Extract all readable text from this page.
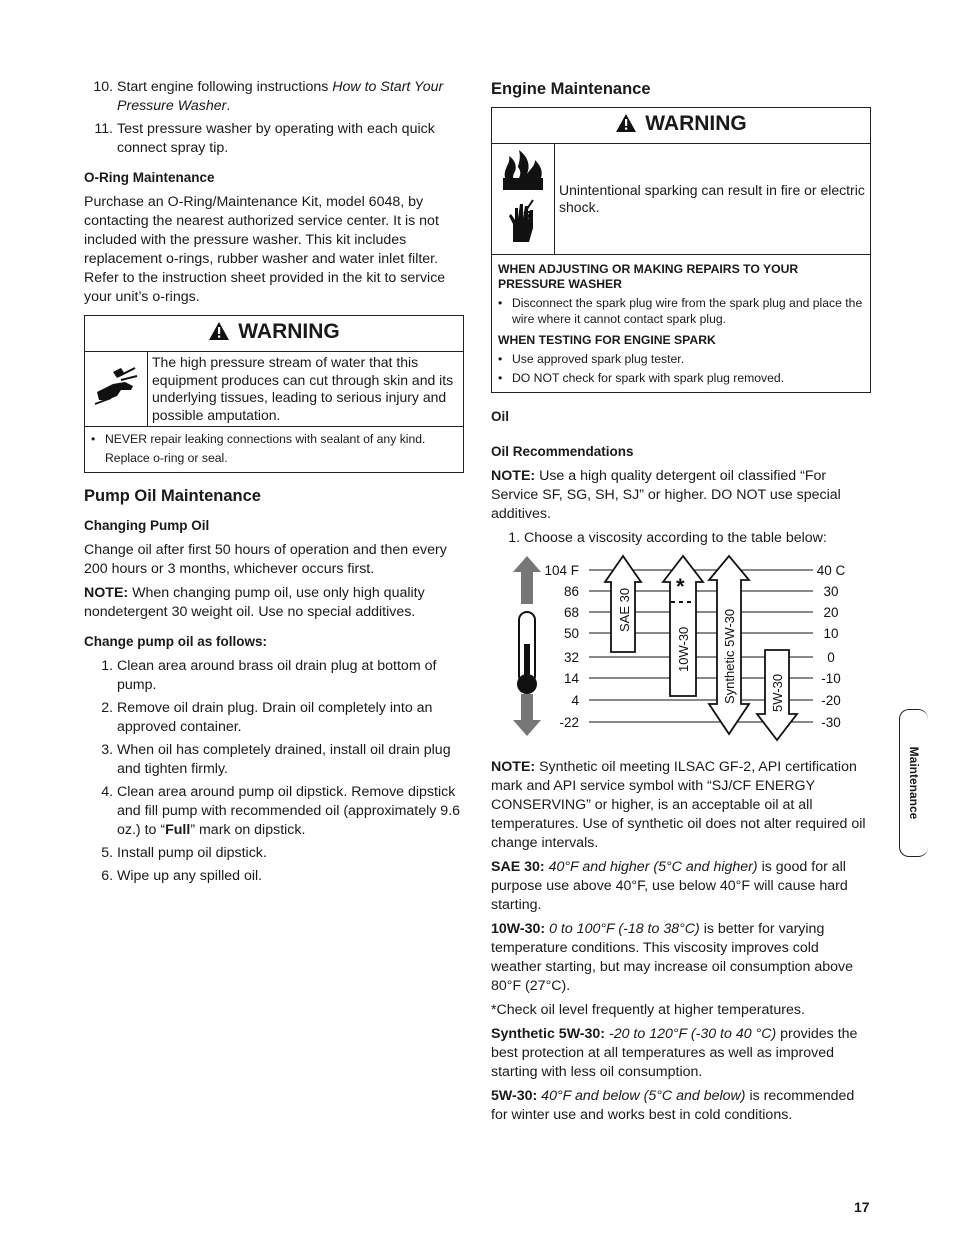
10. Start engine following instructions How to Start Your Pressure Washer.
11. Test pressure washer by operating with each quick connect spray tip.
O-Ring Maintenance

Purchase an O-Ring/Maintenance Kit, model 6048, by contacting the nearest authorized service center. It is not included with the pressure washer. This kit includes replacement o-rings, rubber washer and water inlet filter. Refer to the instruction sheet provided in the kit to service your unit’s o-rings.

WARNING
The high pressure stream of water that this equipment produces can cut through skin and its underlying tissues, leading to serious injury and possible amputation.
• NEVER repair leaking connections with sealant of any kind. Replace o-ring or seal.
Pump Oil Maintenance
Changing Pump Oil

Change oil after first 50 hours of operation and then every 200 hours or 3 months, whichever occurs first.

NOTE: When changing pump oil, use only high quality nondetergent 30 weight oil. Use no special additives.

Change pump oil as follows:
1. Clean area around brass oil drain plug at bottom of pump.
2. Remove oil drain plug. Drain oil completely into an approved container.
3. When oil has completely drained, install oil drain plug and tighten firmly.
4. Clean area around pump oil dipstick. Remove dipstick and fill pump with recommended oil (approximately 9.6 oz.) to “Full” mark on dipstick.
5. Install pump oil dipstick.
6. Wipe up any spilled oil.
Engine Maintenance
WARNING
Unintentional sparking can result in fire or electric shock.
WHEN ADJUSTING OR MAKING REPAIRS TO YOUR PRESSURE WASHER
• Disconnect the spark plug wire from the spark plug and place the wire where it cannot contact spark plug.
WHEN TESTING FOR ENGINE SPARK
• Use approved spark plug tester.
• DO NOT check for spark with spark plug removed.
Oil
Oil Recommendations

NOTE: Use a high quality detergent oil classified “For Service SF, SG, SH, SJ” or higher. DO NOT use special additives.

1. Choose a viscosity according to the table below:
104 F
86
68
50
32
14
4
-22
40 C
30
20
10
0
-10
-20
-30
SAE 30
*
10W-30 Synthetic 5W-30	5W-30

NOTE: Synthetic oil meeting ILSAC GF-2, API certification mark and API service symbol with “SJ/CF ENERGY CONSERVING” or higher, is an acceptable oil at all temperatures. Use of synthetic oil does not alter required oil change intervals.

SAE 30: 40°F and higher (5°C and higher) is good for all purpose use above 40°F, use below 40°F will cause hard starting.

10W-30: 0 to 100°F (-18 to 38°C) is better for varying temperature conditions. This viscosity improves cold weather starting, but may increase oil consumption above 80°F (27°C).

*Check oil level frequently at higher temperatures.

Synthetic 5W-30: -20 to 120°F (-30 to 40 °C) provides the best protection at all temperatures as well as improved starting with less oil consumption.

5W-30: 40°F and below (5°C and below) is recommended for winter use and works best in cold conditions.

Maintenance
17
